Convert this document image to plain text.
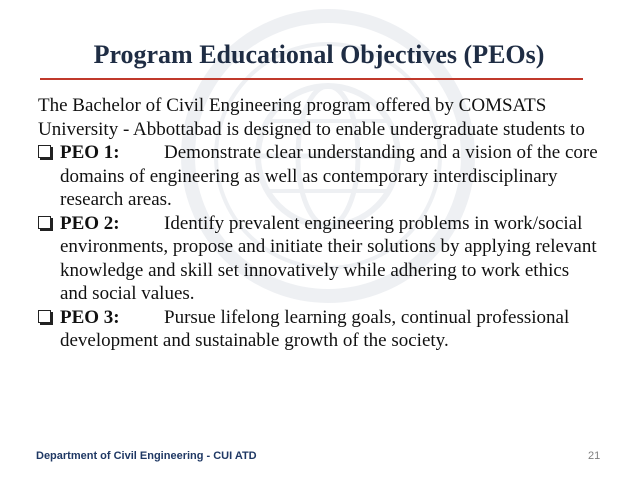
Program Educational Objectives (PEOs)

The Bachelor of Civil Engineering program offered by COMSATS University - Abbottabad is designed to enable undergraduate students to

PEO 1: Demonstrate clear understanding and a vision of the core domains of engineering as well as contemporary interdisciplinary research areas.

PEO 2: Identify prevalent engineering problems in work/social environments, propose and initiate their solutions by applying relevant knowledge and skill set innovatively while adhering to work ethics and social values.

PEO 3: Pursue lifelong learning goals, continual professional development and sustainable growth of the society.

Department of Civil Engineering - CUI ATD	21
